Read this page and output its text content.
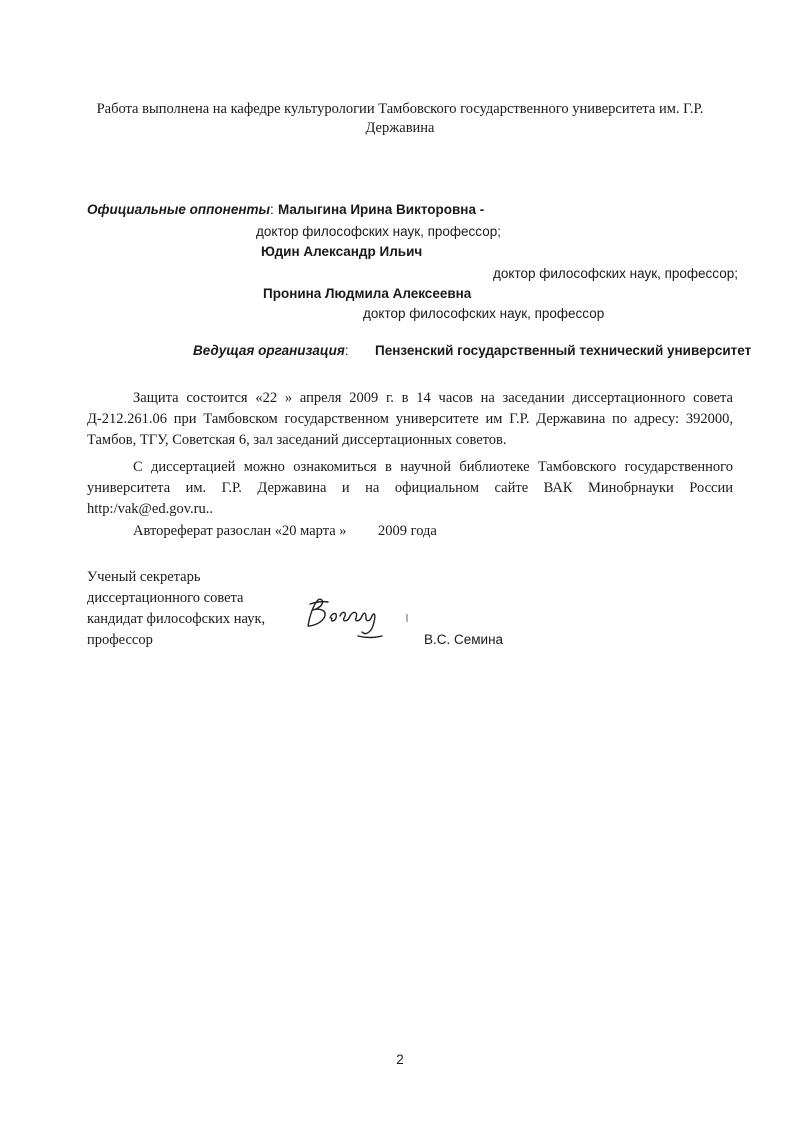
Работа выполнена на кафедре культурологии Тамбовского государственного университета им. Г.Р.
Державина
Официальные оппоненты: Малыгина Ирина Викторовна -
доктор философских наук, профессор;
Юдин Александр Ильич
доктор философских наук, профессор;
Пронина Людмила Алексеевна
доктор философских наук, профессор
Ведущая организация: Пензенский государственный технический университет
Защита состоится «22 » апреля 2009 г. в 14 часов на заседании диссертационного совета Д-212.261.06 при Тамбовском государственном университете им Г.Р. Державина по адресу: 392000, Тамбов, ТГУ, Советская 6, зал заседаний диссертационных советов.
С диссертацией можно ознакомиться в научной библиотеке Тамбовского государственного университета им. Г.Р. Державина и на официальном сайте ВАК Минобрнауки России http:/vak@ed.gov.ru..
Автореферат разослан «20 марта » 2009 года
Ученый секретарь
диссертационного совета
кандидат философских наук,
профессор	В.С. Семина
2
